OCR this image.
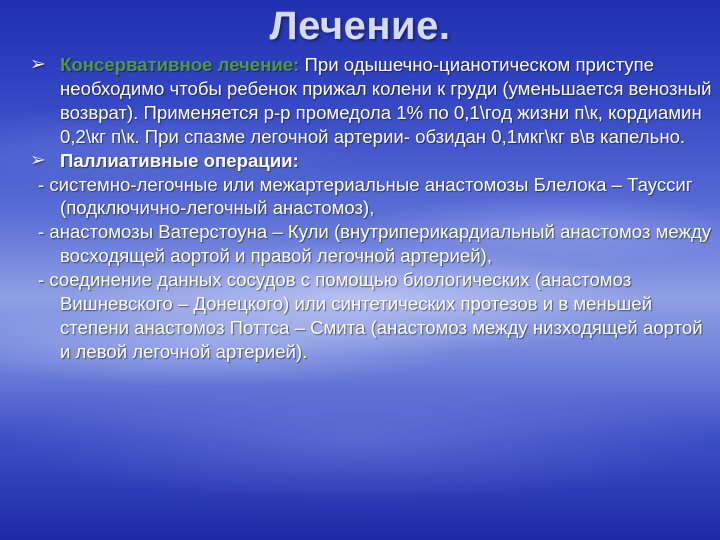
Лечение.
➢ Консервативное лечение: При одышечно-цианотическом приступе необходимо чтобы ребенок прижал колени к груди (уменьшается венозный возврат). Применяется р-р промедола 1% по 0,1\год жизни п\к, кордиамин 0,2\кг п\к. При спазме легочной артерии- обзидан 0,1мкг\кг в\в капельно.
➢ Паллиативные операции:
- системно-легочные или межартериальные анастомозы Блелока – Тауссиг (подключично-легочный анастомоз),
- анастомозы Ватерстоуна – Кули (внутриперикардиальный анастомоз между восходящей аортой и правой легочной артерией),
- соединение данных сосудов с помощью биологических (анастомоз Вишневского – Донецкого) или синтетических протезов и в меньшей степени анастомоз Поттса – Смита (анастомоз между низходящей аортой и левой легочной артерией).
